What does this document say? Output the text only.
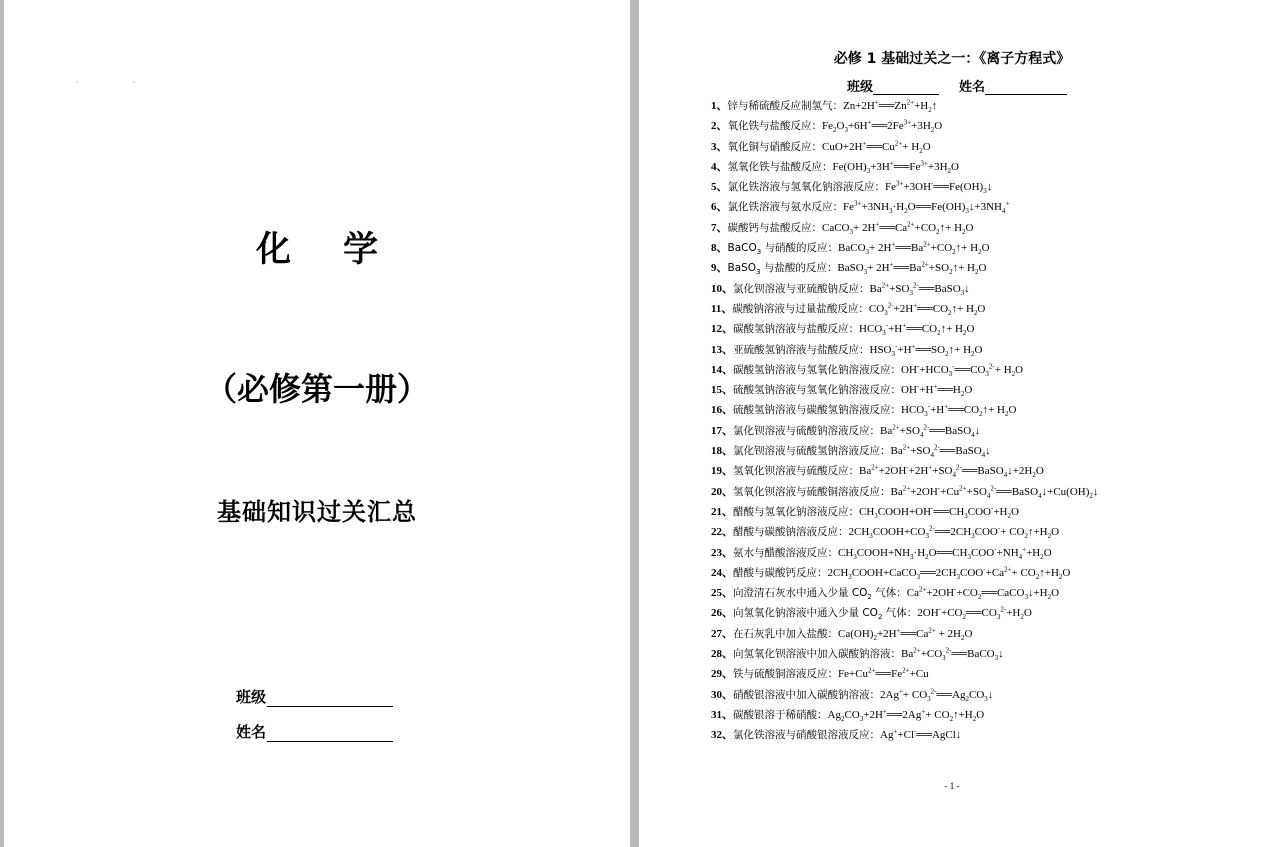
· ·
化 学
（必修第一册）
基础知识过关汇总
班级
姓名
必修 1 基础过关之一：《离子方程式》
班级	姓名
1、锌与稀硫酸反应制氢气：$Zn+2H^+══Zn^{2+}+H_2↑$
2、氧化铁与盐酸反应：$Fe_2O_3+6H^+══2Fe^{3+}+3H_2O$
3、氧化铜与硝酸反应：$CuO+2H^+══Cu^{2+}+ H_2O$
4、氢氧化铁与盐酸反应：$Fe(OH)_3+3H^+══Fe^{3+}+3H_2O$
5、氯化铁溶液与氢氧化钠溶液反应：$Fe^{3+}+3OH^-══Fe(OH)_3↓$
6、氯化铁溶液与氨水反应：$Fe^{3+}+3NH_3\cdot H_2O══Fe(OH)_3↓+3NH_4^+$
7、碳酸钙与盐酸反应：CaCO$_3$+ $2H^+══Ca^{2+}+CO_2↑+ H_2O$
8、BaCO$_3$ 与硝酸的反应：BaCO$_3$+ $2H^+══Ba^{2+}+CO_2↑+ H_2O$
9、BaSO$_3$ 与盐酸的反应：BaSO$_3$+ $2H^+══Ba^{2+}+SO_2↑+ H_2O$
10、氯化钡溶液与亚硫酸钠反应：$Ba^{2+}+SO_3^{2-}══BaSO_3↓$
11、碳酸钠溶液与过量盐酸反应：$CO_3^{2-}+2H^+══CO_2↑+ H_2O$
12、碳酸氢钠溶液与盐酸反应：$HCO_3^-+H^+══CO_2↑+ H_2O$
13、亚硫酸氢钠溶液与盐酸反应：$HSO_3^-+H^+══SO_2↑+ H_2O$
14、碳酸氢钠溶液与氢氧化钠溶液反应：$OH^-+HCO_3^-══CO_3^{2-}+ H_2O$
15、硫酸氢钠溶液与氢氧化钠溶液反应：$OH^-+H^+══H_2O$
16、硫酸氢钠溶液与碳酸氢钠溶液反应：$HCO_3^-+H^+══CO_2↑+ H_2O$
17、氯化钡溶液与硫酸钠溶液反应：$Ba^{2+}+SO_4^{2-}══BaSO_4↓$
18、氯化钡溶液与硫酸氢钠溶液反应：$Ba^{2+}+SO_4^{2-}══BaSO_4↓$
19、氢氧化钡溶液与硫酸反应：$Ba^{2+}+2OH^-+2H^++SO_4^{2-}══BaSO_4↓+2H_2O$
20、氢氧化钡溶液与硫酸铜溶液反应：$Ba^{2+}+2OH^-+Cu^{2+}+SO_4^{2-}══BaSO_4↓+Cu(OH)_2↓$
21、醋酸与氢氧化钠溶液反应：$CH_3COOH+OH^-══CH_3COO^-+H_2O$
22、醋酸与碳酸钠溶液反应：$2CH_3COOH+CO_3^{2-}══2CH_3COO^-+$ $CO_2↑+H_2O$
23、氨水与醋酸溶液反应：$CH_3COOH+NH_3\cdot H_2O══CH_3COO^-+NH_4^++H_2O$
24、醋酸与碳酸钙反应：$2CH_3COOH+CaCO_3══2CH_3COO^-+Ca^{2+}+$ $CO_2↑+H_2O$
25、向澄清石灰水中通入少量 $CO_2$ 气体：$Ca^{2+}+2OH^-+CO_2══CaCO_3↓+H_2O$
26、向氢氧化钠溶液中通入少量 $CO_2$ 气体：$2OH^-+CO_2══CO_3^{2-}+H_2O$
27、在石灰乳中加入盐酸：$Ca(OH)_2+2H^+══Ca^{2+} + 2H_2O$
28、向氢氧化钡溶液中加入碳酸钠溶液：$Ba^{2+}+CO_3^{2-}══BaCO_3↓$
29、铁与硫酸铜溶液反应：$Fe+Cu^{2+}══Fe^{2+}+Cu$
30、硝酸银溶液中加入碳酸钠溶液：$2Ag^++ CO_3^{2-}══Ag_2CO_3↓$
31、碳酸银溶于稀硝酸：$Ag_2CO_3+2H^+══2Ag^++$ $CO_2↑+H_2O$
32、氯化铁溶液与硝酸银溶液反应：Ag++Cl-══AgCl↓
- 1 -
